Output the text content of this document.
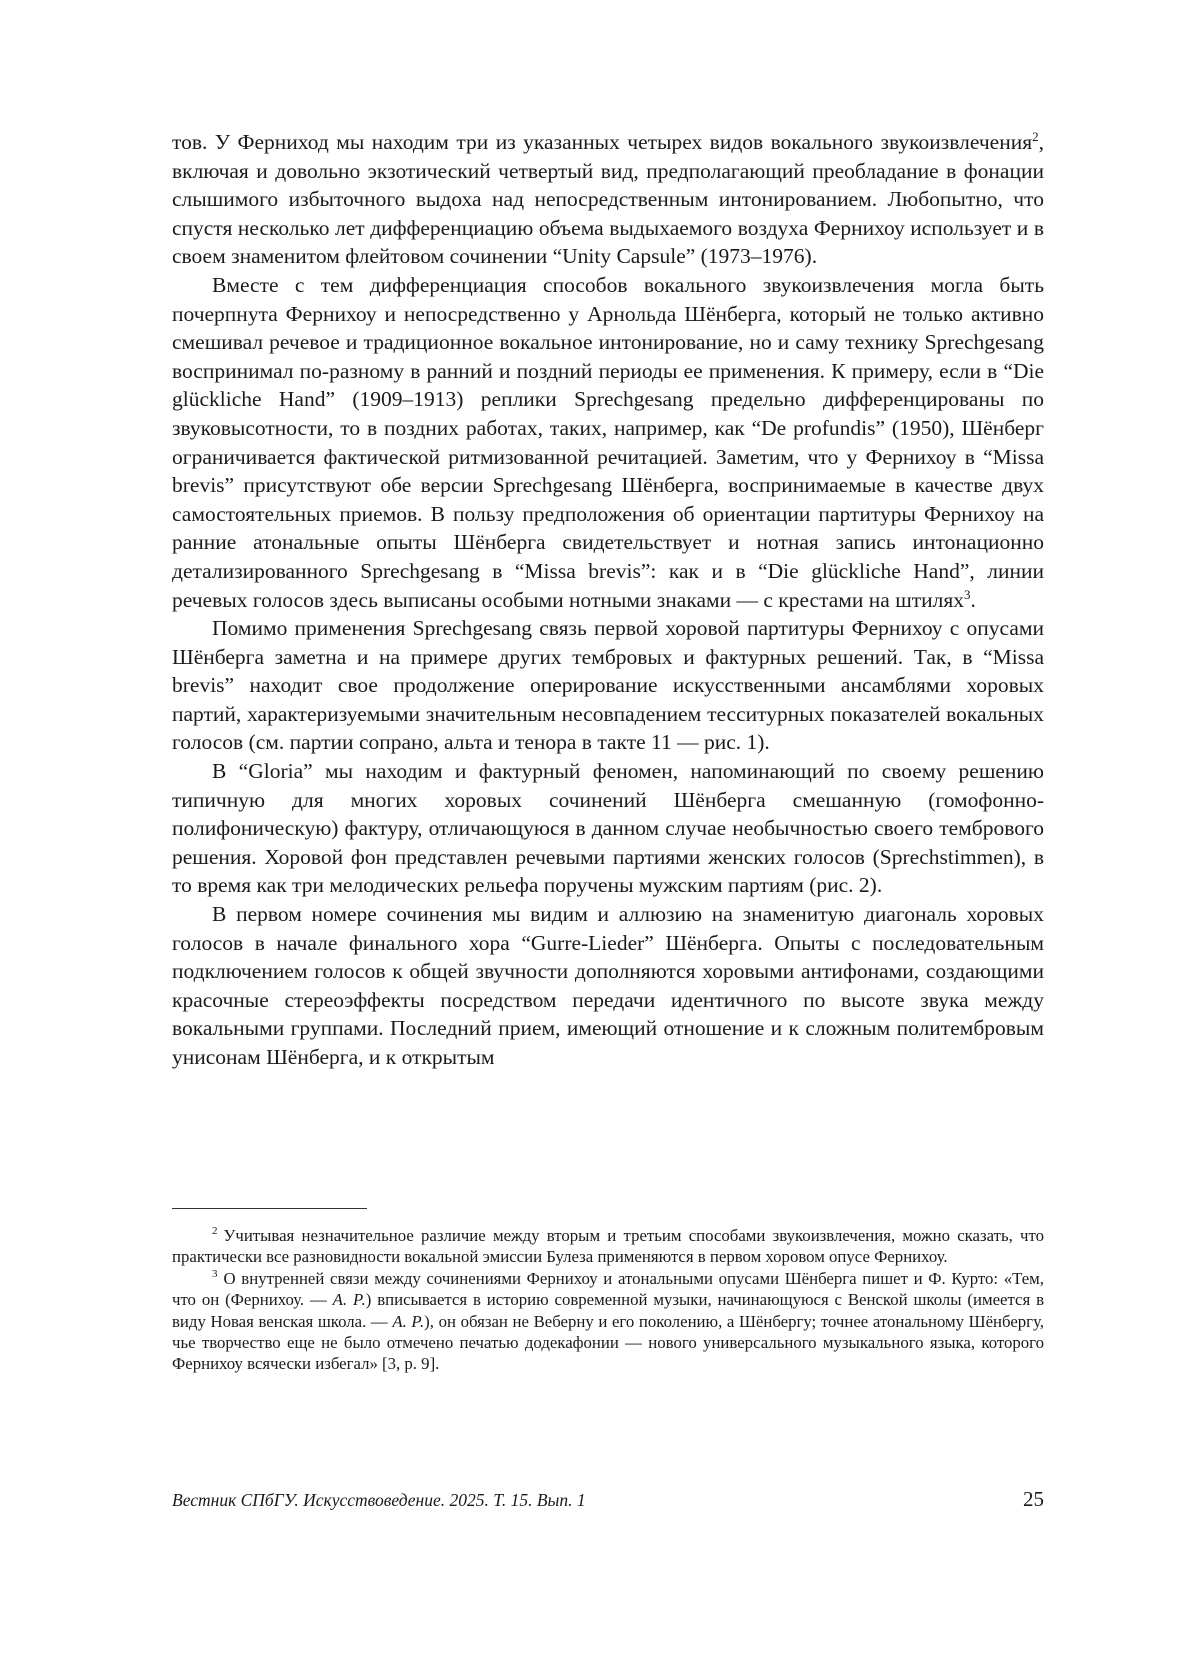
тов. У Ферниход мы находим три из указанных четырех видов вокального звукоизвлечения$^2$, включая и довольно экзотический четвертый вид, предполагающий преобладание в фонации слышимого избыточного выдоха над непосредственным интонированием. Любопытно, что спустя несколько лет дифференциацию объема выдыхаемого воздуха Фернихоу использует и в своем знаменитом флейтовом сочинении “Unity Capsule” (1973–1976).

Вместе с тем дифференциация способов вокального звукоизвлечения могла быть почерпнута Фернихоу и непосредственно у Арнольда Шёнберга, который не только активно смешивал речевое и традиционное вокальное интонирование, но и саму технику Sprechgesang воспринимал по-разному в ранний и поздний периоды ее применения. К примеру, если в “Die glückliche Hand” (1909–1913) реплики Sprechgesang предельно дифференцированы по звуковысотности, то в поздних работах, таких, например, как “De profundis” (1950), Шёнберг ограничивается фактической ритмизованной речитацией. Заметим, что у Фернихоу в “Missa brevis” присутствуют обе версии Sprechgesang Шёнберга, воспринимаемые в качестве двух самостоятельных приемов. В пользу предположения об ориентации партитуры Фернихоу на ранние атональные опыты Шёнберга свидетельствует и нотная запись интонационно детализированного Sprechgesang в “Missa brevis”: как и в “Die glückliche Hand”, линии речевых голосов здесь выписаны особыми нотными знаками — с крестами на штилях$^3$.

Помимо применения Sprechgesang связь первой хоровой партитуры Фернихоу с опусами Шёнберга заметна и на примере других тембровых и фактурных решений. Так, в “Missa brevis” находит свое продолжение оперирование искусственными ансамблями хоровых партий, характеризуемыми значительным несовпадением тесситурных показателей вокальных голосов (см. партии сопрано, альта и тенора в такте 11 — рис. 1).

В “Gloria” мы находим и фактурный феномен, напоминающий по своему решению типичную для многих хоровых сочинений Шёнберга смешанную (гомофонно-полифоническую) фактуру, отличающуюся в данном случае необычностью своего тембрового решения. Хоровой фон представлен речевыми партиями женских голосов (Sprechstimmen), в то время как три мелодических рельефа поручены мужским партиям (рис. 2).

В первом номере сочинения мы видим и аллюзию на знаменитую диагональ хоровых голосов в начале финального хора “Gurre-Lieder” Шёнберга. Опыты с последовательным подключением голосов к общей звучности дополняются хоровыми антифонами, создающими красочные стереоэффекты посредством передачи идентичного по высоте звука между вокальными группами. Последний прием, имеющий отношение и к сложным политембровым унисонам Шёнберга, и к открытым

$^2$ Учитывая незначительное различие между вторым и третьим способами звукоизвлечения, можно сказать, что практически все разновидности вокальной эмиссии Булеза применяются в первом хоровом опусе Фернихоу.

$^3$ О внутренней связи между сочинениями Фернихоу и атональными опусами Шёнберга пишет и Ф. Курто: «Тем, что он (Фернихоу. — А. Р.) вписывается в историю современной музыки, начинающуюся с Венской школы (имеется в виду Новая венская школа. — А. Р.), он обязан не Веберну и его поколению, а Шёнбергу; точнее атональному Шёнбергу, чье творчество еще не было отмечено печатью додекафонии — нового универсального музыкального языка, которого Фернихоу всячески избегал» [3, p. 9].

Вестник СПбГУ. Искусствоведение. 2025. Т. 15. Вып. 1	25
